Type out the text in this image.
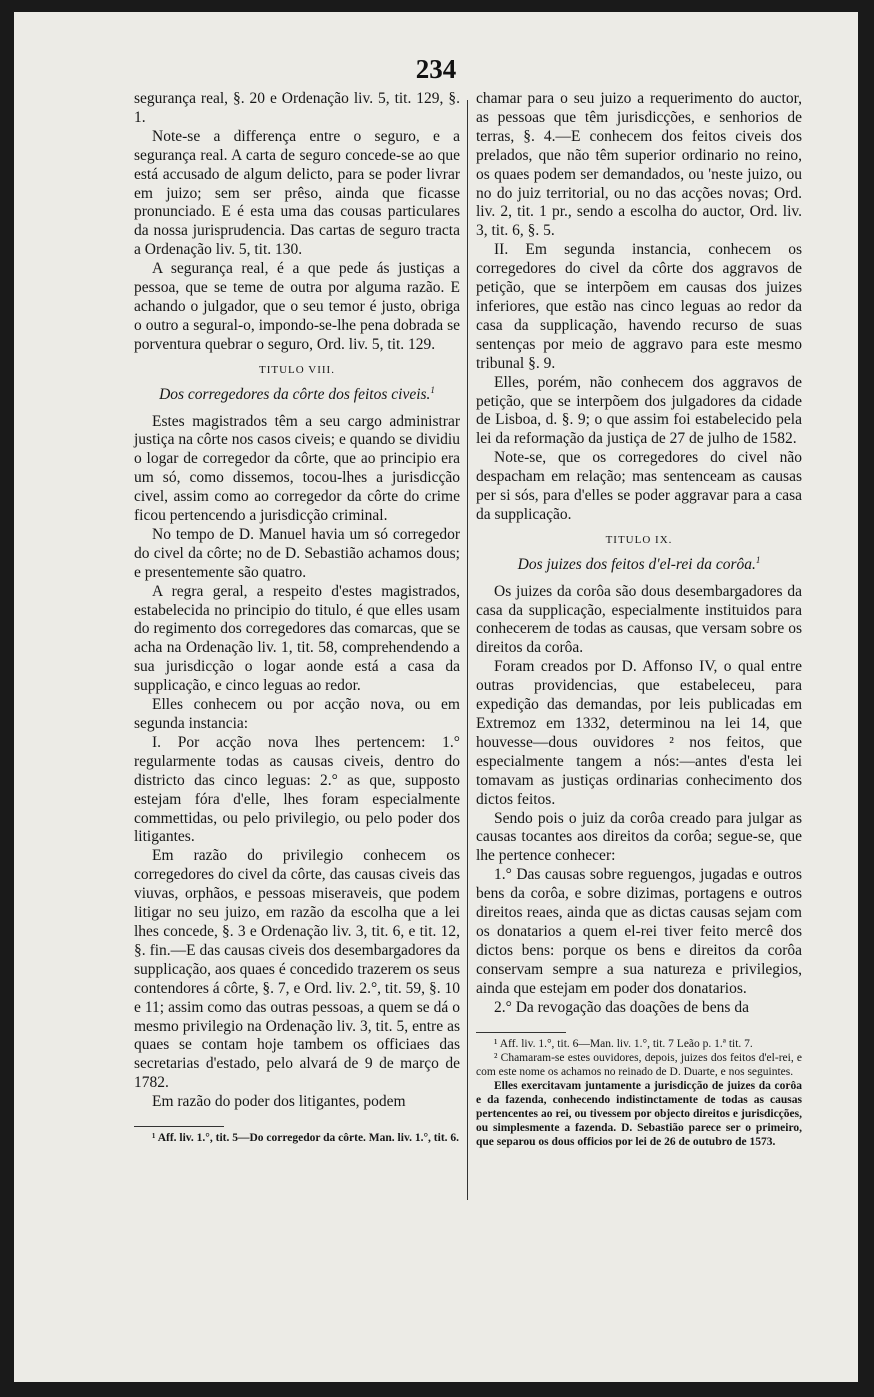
234

segurança real, §. 20 e Ordenação liv. 5, tit. 129, §. 1.

Note-se a differença entre o seguro, e a segurança real. A carta de seguro concede-se ao que está accusado de algum delicto, para se poder livrar em juizo; sem ser prêso, ainda que ficasse pronunciado. E é esta uma das cousas particulares da nossa jurisprudencia. Das cartas de seguro tracta a Ordenação liv. 5, tit. 130.

A segurança real, é a que pede ás justiças a pessoa, que se teme de outra por alguma razão. E achando o julgador, que o seu temor é justo, obriga o outro a segural-o, impondo-se-lhe pena dobrada se porventura quebrar o seguro, Ord. liv. 5, tit. 129.

TITULO VIII.
Dos corregedores da côrte dos feitos civeis.$^1$

Estes magistrados têm a seu cargo administrar justiça na côrte nos casos civeis; e quando se dividiu o logar de corregedor da côrte, que ao principio era um só, como dissemos, tocou-lhes a jurisdicção civel, assim como ao corregedor da côrte do crime ficou pertencendo a jurisdicção criminal.

No tempo de D. Manuel havia um só corregedor do civel da côrte; no de D. Sebastião achamos dous; e presentemente são quatro.

A regra geral, a respeito d'estes magistrados, estabelecida no principio do titulo, é que elles usam do regimento dos corregedores das comarcas, que se acha na Ordenação liv. 1, tit. 58, comprehendendo a sua jurisdicção o logar aonde está a casa da supplicação, e cinco leguas ao redor.

Elles conhecem ou por acção nova, ou em segunda instancia:

I. Por acção nova lhes pertencem: 1.° regularmente todas as causas civeis, dentro do districto das cinco leguas: 2.° as que, supposto estejam fóra d'elle, lhes foram especialmente commettidas, ou pelo privilegio, ou pelo poder dos litigantes.

Em razão do privilegio conhecem os corregedores do civel da côrte, das causas civeis das viuvas, orphãos, e pessoas miseraveis, que podem litigar no seu juizo, em razão da escolha que a lei lhes concede, §. 3 e Ordenação liv. 3, tit. 6, e tit. 12, §. fin.—E das causas civeis dos desembargadores da supplicação, aos quaes é concedido trazerem os seus contendores á côrte, §. 7, e Ord. liv. 2.°, tit. 59, §. 10 e 11; assim como das outras pessoas, a quem se dá o mesmo privilegio na Ordenação liv. 3, tit. 5, entre as quaes se contam hoje tambem os officiaes das secretarias d'estado, pelo alvará de 9 de março de 1782.

Em razão do poder dos litigantes, podem

¹ Aff. liv. 1.°, tit. 5—Do corregedor da côrte. Man. liv. 1.°, tit. 6.

chamar para o seu juizo a requerimento do auctor, as pessoas que têm jurisdicções, e senhorios de terras, §. 4.—E conhecem dos feitos civeis dos prelados, que não têm superior ordinario no reino, os quaes podem ser demandados, ou 'neste juizo, ou no do juiz territorial, ou no das acções novas; Ord. liv. 2, tit. 1 pr., sendo a escolha do auctor, Ord. liv. 3, tit. 6, §. 5.

II. Em segunda instancia, conhecem os corregedores do civel da côrte dos aggravos de petição, que se interpõem em causas dos juizes inferiores, que estão nas cinco leguas ao redor da casa da supplicação, havendo recurso de suas sentenças por meio de aggravo para este mesmo tribunal §. 9.

Elles, porém, não conhecem dos aggravos de petição, que se interpõem dos julgadores da cidade de Lisboa, d. §. 9; o que assim foi estabelecido pela lei da reformação da justiça de 27 de julho de 1582.

Note-se, que os corregedores do civel não despacham em relação; mas sentenceam as causas per si sós, para d'elles se poder aggravar para a casa da supplicação.

TITULO IX.
Dos juizes dos feitos d'el-rei da corôa.$^1$

Os juizes da corôa são dous desembargadores da casa da supplicação, especialmente instituidos para conhecerem de todas as causas, que versam sobre os direitos da corôa.

Foram creados por D. Affonso IV, o qual entre outras providencias, que estabeleceu, para expedição das demandas, por leis publicadas em Extremoz em 1332, determinou na lei 14, que houvesse—dous ouvidores ² nos feitos, que especialmente tangem a nós:—antes d'esta lei tomavam as justiças ordinarias conhecimento dos dictos feitos.

Sendo pois o juiz da corôa creado para julgar as causas tocantes aos direitos da corôa; segue-se, que lhe pertence conhecer:

1.° Das causas sobre reguengos, jugadas e outros bens da corôa, e sobre dizimas, portagens e outros direitos reaes, ainda que as dictas causas sejam com os donatarios a quem el-rei tiver feito mercê dos dictos bens: porque os bens e direitos da corôa conservam sempre a sua natureza e privilegios, ainda que estejam em poder dos donatarios.

2.° Da revogação das doações de bens da

¹ Aff. liv. 1.°, tit. 6—Man. liv. 1.°, tit. 7 Leão p. 1.ª tit. 7.

² Chamaram-se estes ouvidores, depois, juizes dos feitos d'el-rei, e com este nome os achamos no reinado de D. Duarte, e nos seguintes.

Elles exercitavam juntamente a jurisdicção de juizes da corôa e da fazenda, conhecendo indistinctamente de todas as causas pertencentes ao rei, ou tivessem por objecto direitos e jurisdicções, ou simplesmente a fazenda. D. Sebastião parece ser o primeiro, que separou os dous officios por lei de 26 de outubro de 1573.
